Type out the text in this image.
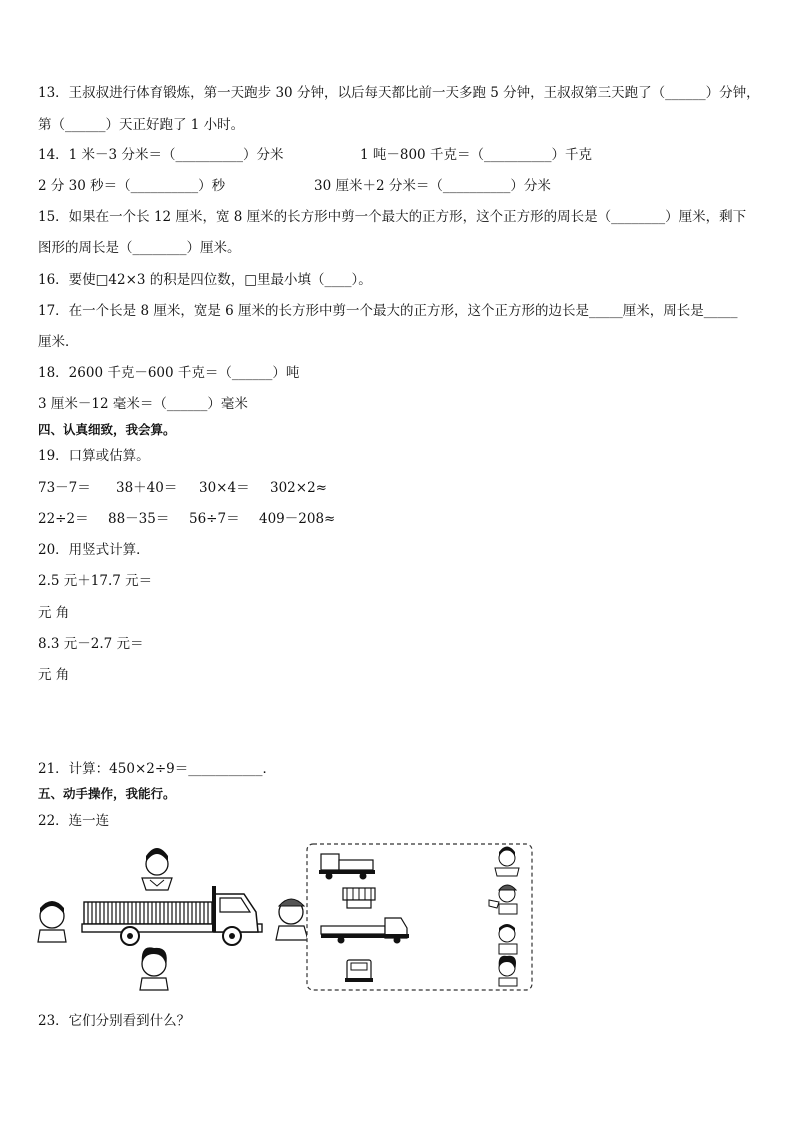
13．王叔叔进行体育锻炼，第一天跑步 30 分钟，以后每天都比前一天多跑 5 分钟，王叔叔第三天跑了（______）分钟，
第（______）天正好跑了 1 小时。
14．1 米－3 分米＝（__________）分米	1 吨－800 千克＝（__________）千克
2 分 30 秒＝（__________）秒	30 厘米＋2 分米＝（__________）分米
15．如果在一个长 12 厘米，宽 8 厘米的长方形中剪一个最大的正方形，这个正方形的周长是（________）厘米，剩下
图形的周长是（________）厘米。
16．要使□42×3 的积是四位数，□里最小填（____）。
17．在一个长是 8 厘米，宽是 6 厘米的长方形中剪一个最大的正方形，这个正方形的边长是_____厘米，周长是_____
厘米．
18．2600 千克－600 千克＝（______）吨
3 厘米－12 毫米＝（______）毫米
四、认真细致，我会算。
19．口算或估算。
73－7＝ 38＋40＝ 30×4＝ 302×2≈
22÷2＝ 88－35＝ 56÷7＝ 409－208≈
20．用竖式计算．
2.5 元＋17.7 元＝
元 角
8.3 元－2.7 元＝
元 角
21．计算：450×2÷9＝___________．
五、动手操作，我能行。
22．连一连
23．它们分别看到什么？
